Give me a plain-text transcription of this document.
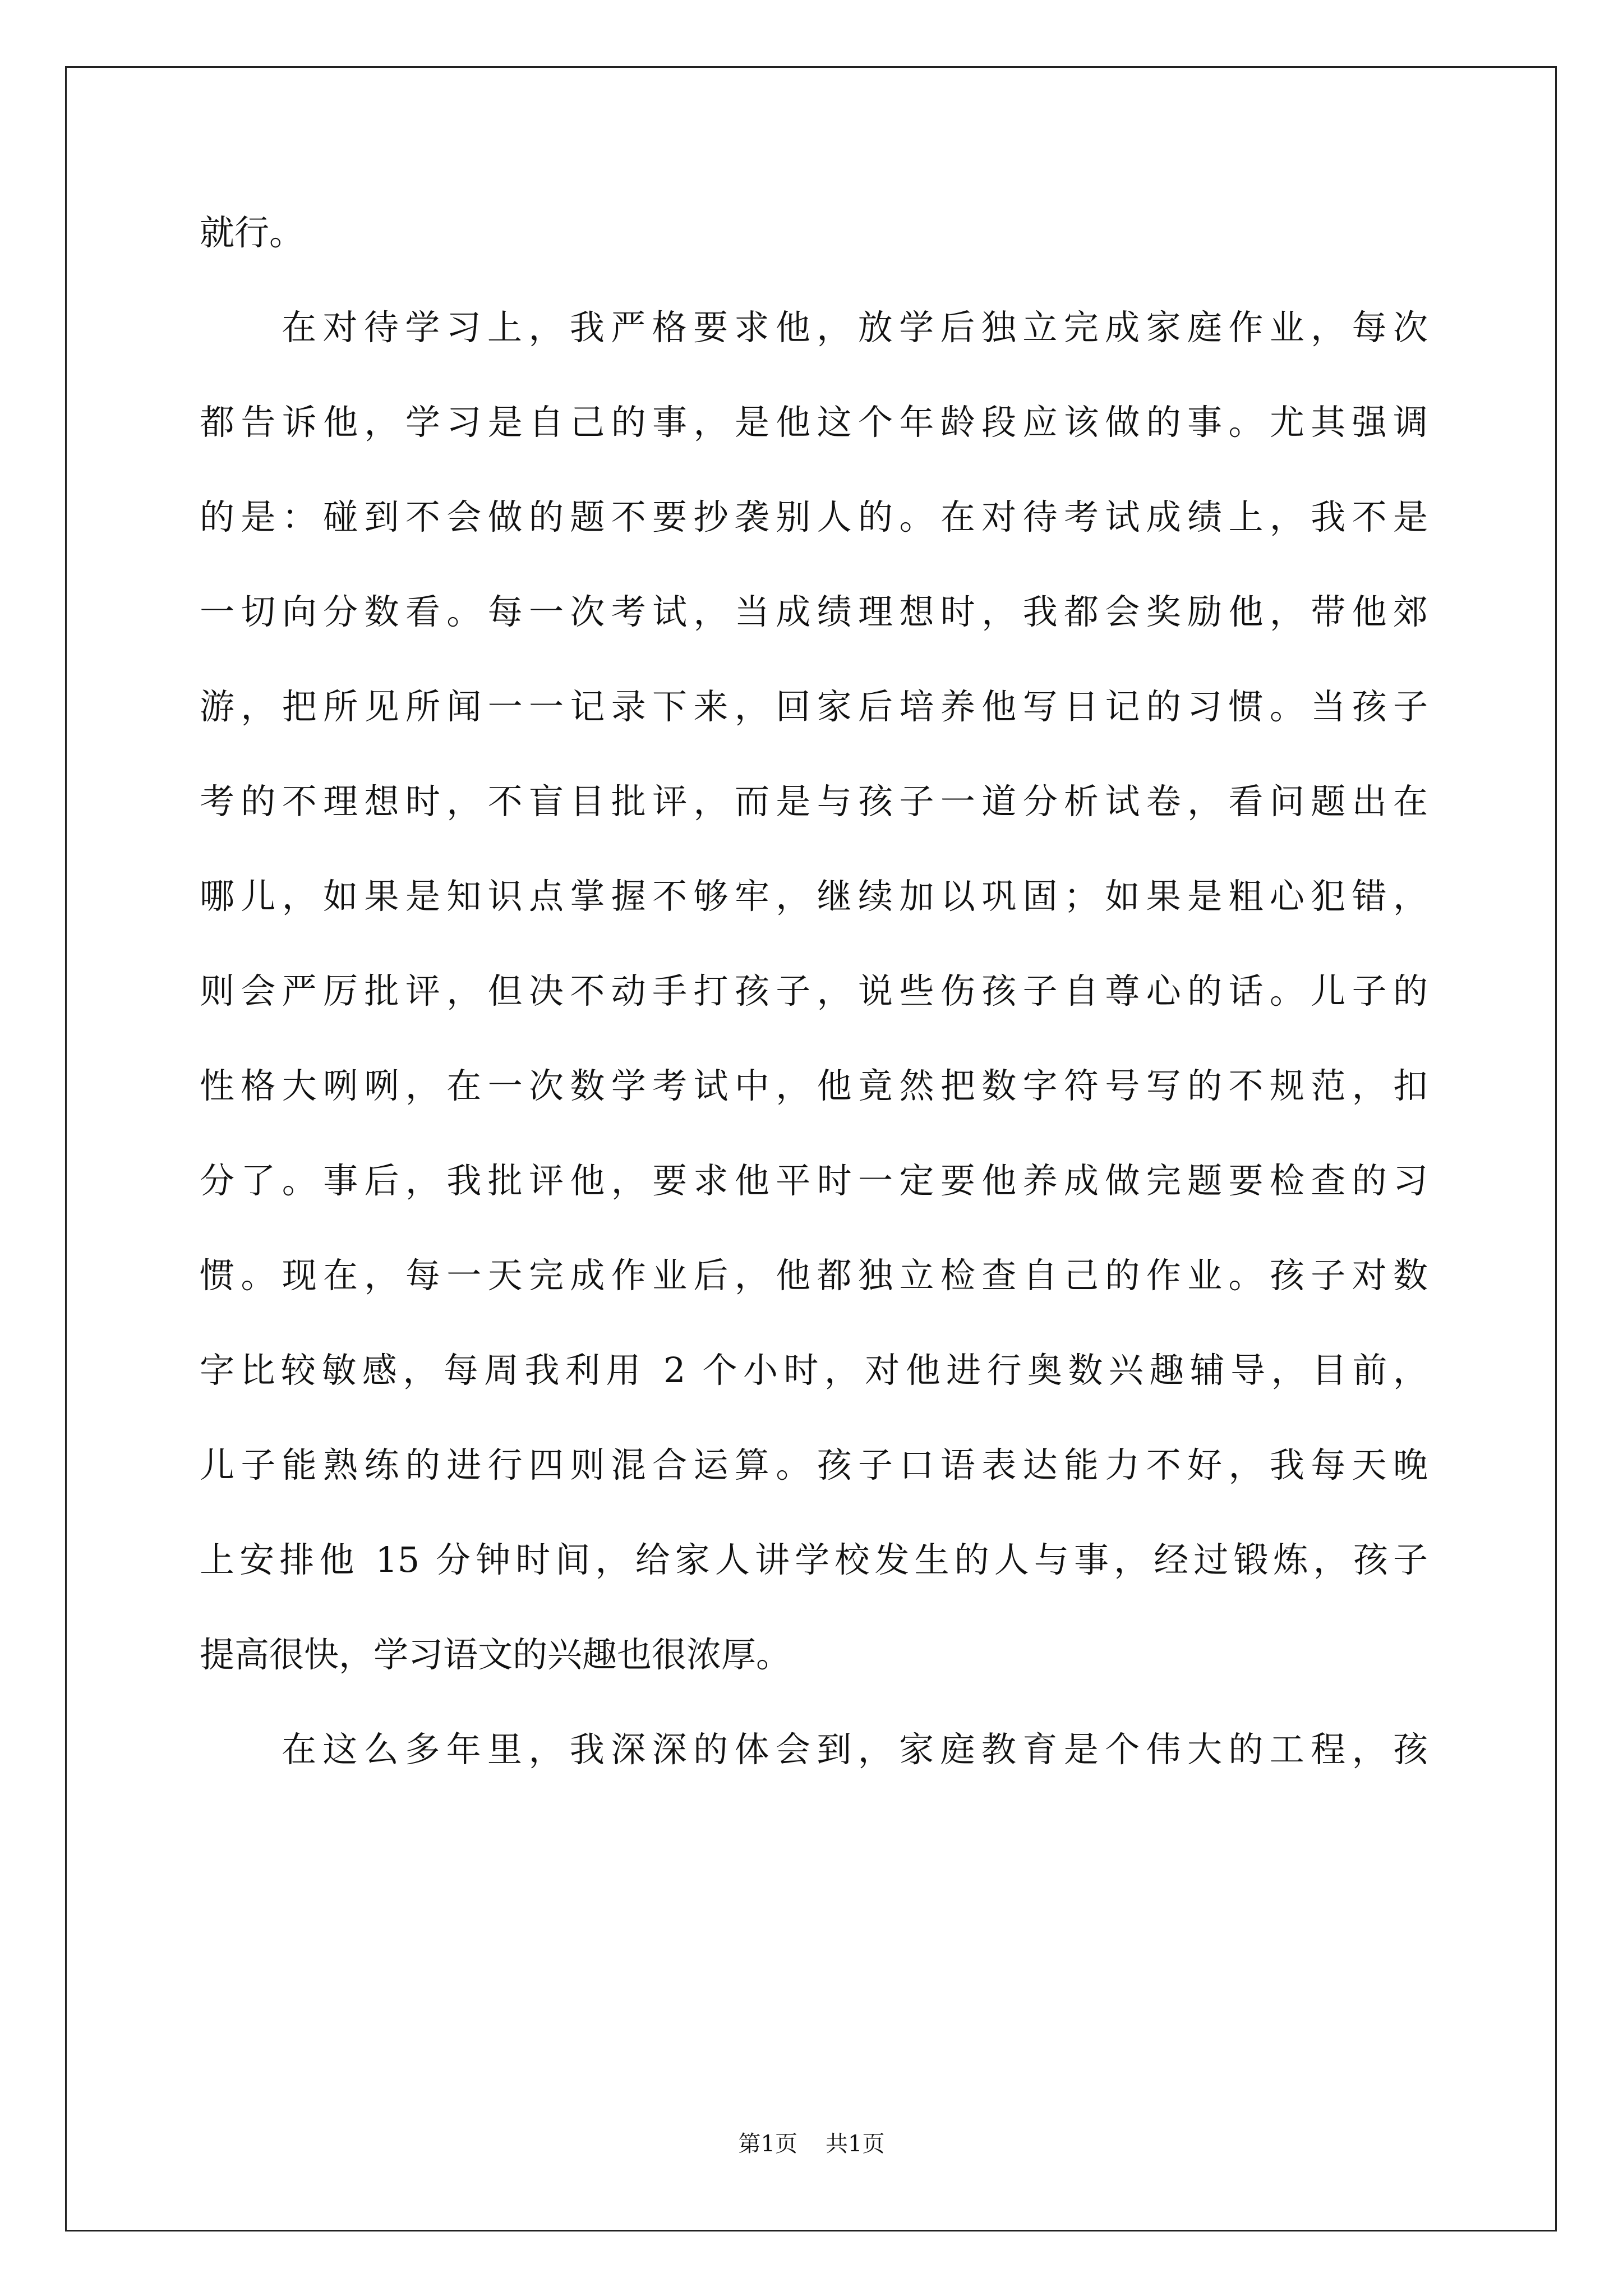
就行。
在对待学习上，我严格要求他，放学后独立完成家庭作业，每次
都告诉他，学习是自己的事，是他这个年龄段应该做的事。尤其强调
的是：碰到不会做的题不要抄袭别人的。在对待考试成绩上，我不是
一切向分数看。每一次考试，当成绩理想时，我都会奖励他，带他郊
游，把所见所闻一一记录下来，回家后培养他写日记的习惯。当孩子
考的不理想时，不盲目批评，而是与孩子一道分析试卷，看问题出在
哪儿，如果是知识点掌握不够牢，继续加以巩固；如果是粗心犯错，
则会严厉批评，但决不动手打孩子，说些伤孩子自尊心的话。儿子的
性格大咧咧，在一次数学考试中，他竟然把数字符号写的不规范，扣
分了。事后，我批评他，要求他平时一定要他养成做完题要检查的习
惯。现在，每一天完成作业后，他都独立检查自己的作业。孩子对数
字比较敏感，每周我利用 2 个小时，对他进行奥数兴趣辅导，目前，
儿子能熟练的进行四则混合运算。孩子口语表达能力不好，我每天晚
上安排他 15 分钟时间，给家人讲学校发生的人与事，经过锻炼，孩子
提高很快，学习语文的兴趣也很浓厚。
在这么多年里，我深深的体会到，家庭教育是个伟大的工程，孩
第1页 共1页
